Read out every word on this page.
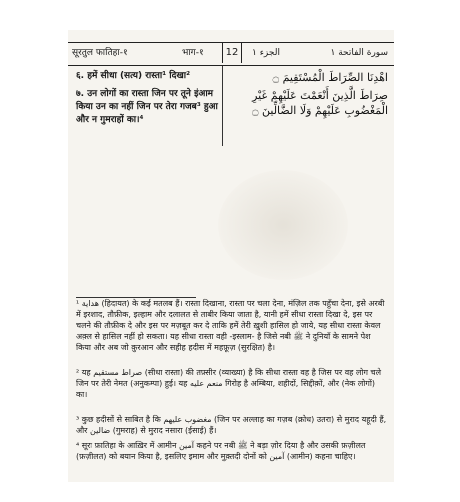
सूरतुल फातिहा-१	भाग-१	12	الجزء ١	سورة الفاتحة ١
६. हमें सीधा (सत्य) रास्ता¹ दिखा²
७. उन लोगों का रास्ता जिन पर तूने इंआम किया उन का नहीं जिन पर तेरा गजब³ हुआ और न गुमराहों का।⁴
اهْدِنَا الصِّرَاطَ الْمُسْتَقِيمَ ۝
صِرَاطَ الَّذِينَ أَنْعَمْتَ عَلَيْهِمْ غَيْرِ الْمَغْضُوبِ عَلَيْهِمْ وَلَا الضَّالِّينَ ۝
¹ هداية (हिदायत) के कई मतलब हैं। रास्ता दिखाना, रास्ता पर चला देना, मंज़िल तक पहुँचा देना, इसे अरबी में इरशाद, तौफ़ीक, इल्हाम और दलालत से ताबीर किया जाता है, यानी हमें सीधा रास्ता दिखा दे, इस पर चलने की तौफ़ीक दे और इस पर मज़बूत कर दे ताकि हमें तेरी ख़ुशी हासिल हो जाये, यह सीधा रास्ता केवल अक़्ल से हासिल नहीं हो सकता। यह सीधा रास्ता वही -इस्लाम- है जिसे नबी ﷺ ने दुनियाँ के सामने पेश किया और अब जो क़ुरआन और सहीह हदीस में महफ़ूज़ (सुरक्षित) है।
² यह صراط مستقيم (सीधा रास्ता) की तफ़्सीर (व्याख्या) है कि सीधा रास्ता वह है जिस पर वह लोग चले जिन पर तेरी नेमत (अनुकम्पा) हुई। यह منعم عليه गिरोह है अम्बिया, शहीदों, सिद्दीक़ों, और (नेक लोगों) का।
³ कुछ हदीसों से साबित है कि مغضوب عليهم (जिन पर अल्लाह का गज़ब (क्रोध) उतरा) से मुराद यहूदी हैं, और ضالين (गुमराह) से मुराद नसारा (ईसाई) हैं।
⁴ सूरः फ़ातिहा के आख़िर में आमीन آمين कहने पर नबी ﷺ ने बड़ा ज़ोर दिया है और उसकी फ़ज़ीलत (फ़ज़ीलत) को बयान किया है, इसलिए इमाम और मुक़्तदी दोनों को آمين (आमीन) कहना चाहिए।
